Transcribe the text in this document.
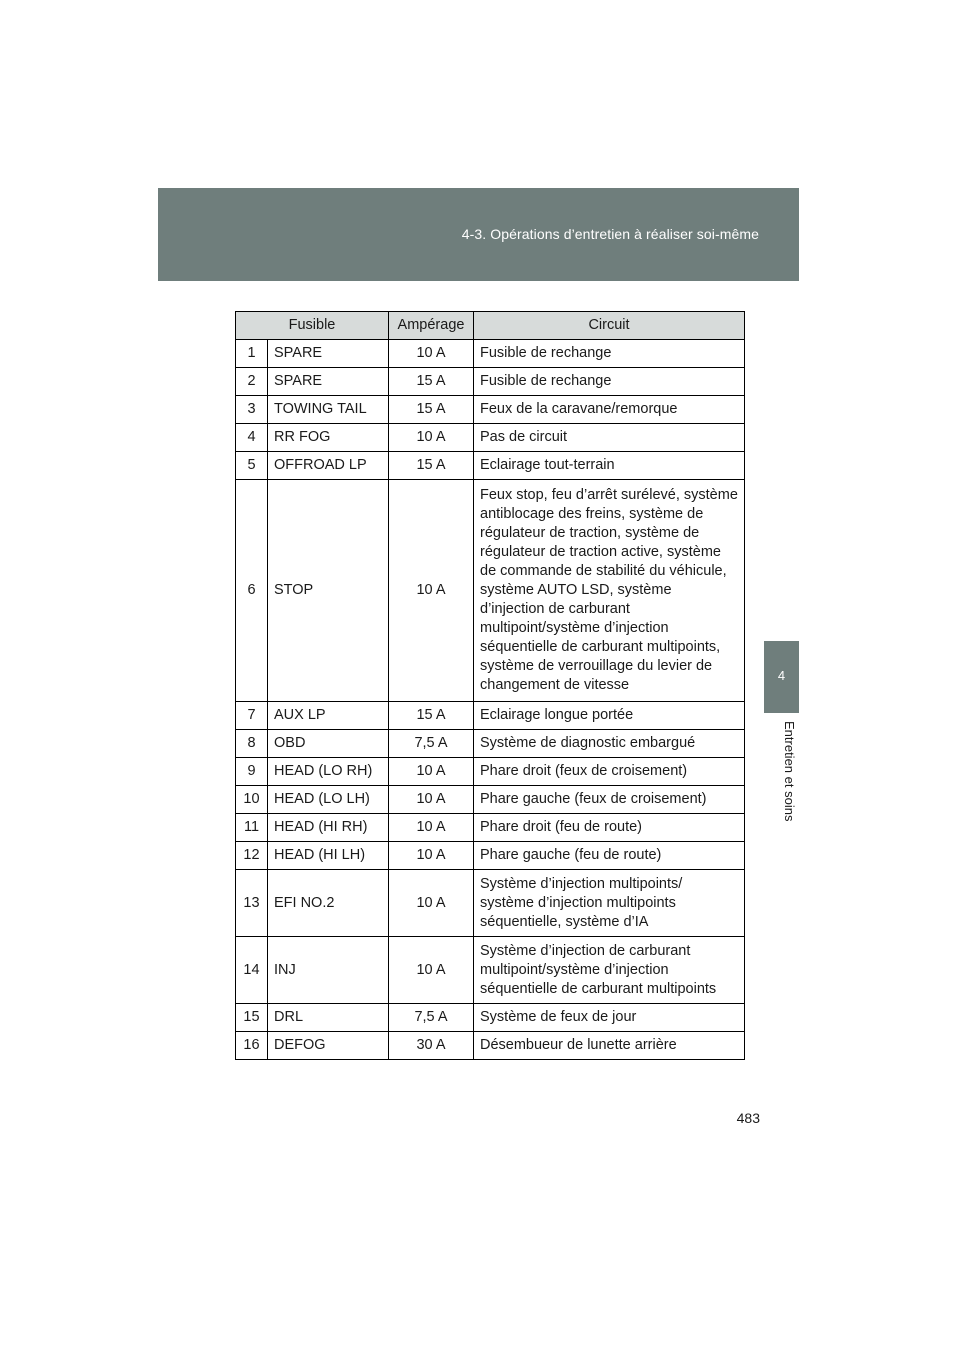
4-3. Opérations d’entretien à réaliser soi-même
4
Entretien et soins
Fusible		Ampérage	Circuit
1	SPARE	10 A	Fusible de rechange
2	SPARE	15 A	Fusible de rechange
3	TOWING TAIL	15 A	Feux de la caravane/remorque
4	RR FOG	10 A	Pas de circuit
5	OFFROAD LP	15 A	Eclairage tout-terrain
6	STOP	10 A	Feux stop, feu d’arrêt surélevé, système antiblocage des freins, système de régulateur de traction, système de régulateur de traction active, système de commande de stabilité du véhicule, système AUTO LSD, système d’injection de carburant multipoint/système d’injection séquentielle de carburant multipoints, système de verrouillage du levier de changement de vitesse
7	AUX LP	15 A	Eclairage longue portée
8	OBD	7,5 A	Système de diagnostic embargué
9	HEAD (LO RH)	10 A	Phare droit (feux de croisement)
10	HEAD (LO LH)	10 A	Phare gauche (feux de croisement)
11	HEAD (HI RH)	10 A	Phare droit (feu de route)
12	HEAD (HI LH)	10 A	Phare gauche (feu de route)
13	EFI NO.2	10 A	Système d’injection multipoints/ système d’injection multipoints séquentielle, système d’IA
14	INJ	10 A	Système d’injection de carburant multipoint/système d’injection séquentielle de carburant multipoints
15	DRL	7,5 A	Système de feux de jour
16	DEFOG	30 A	Désembueur de lunette arrière
483
